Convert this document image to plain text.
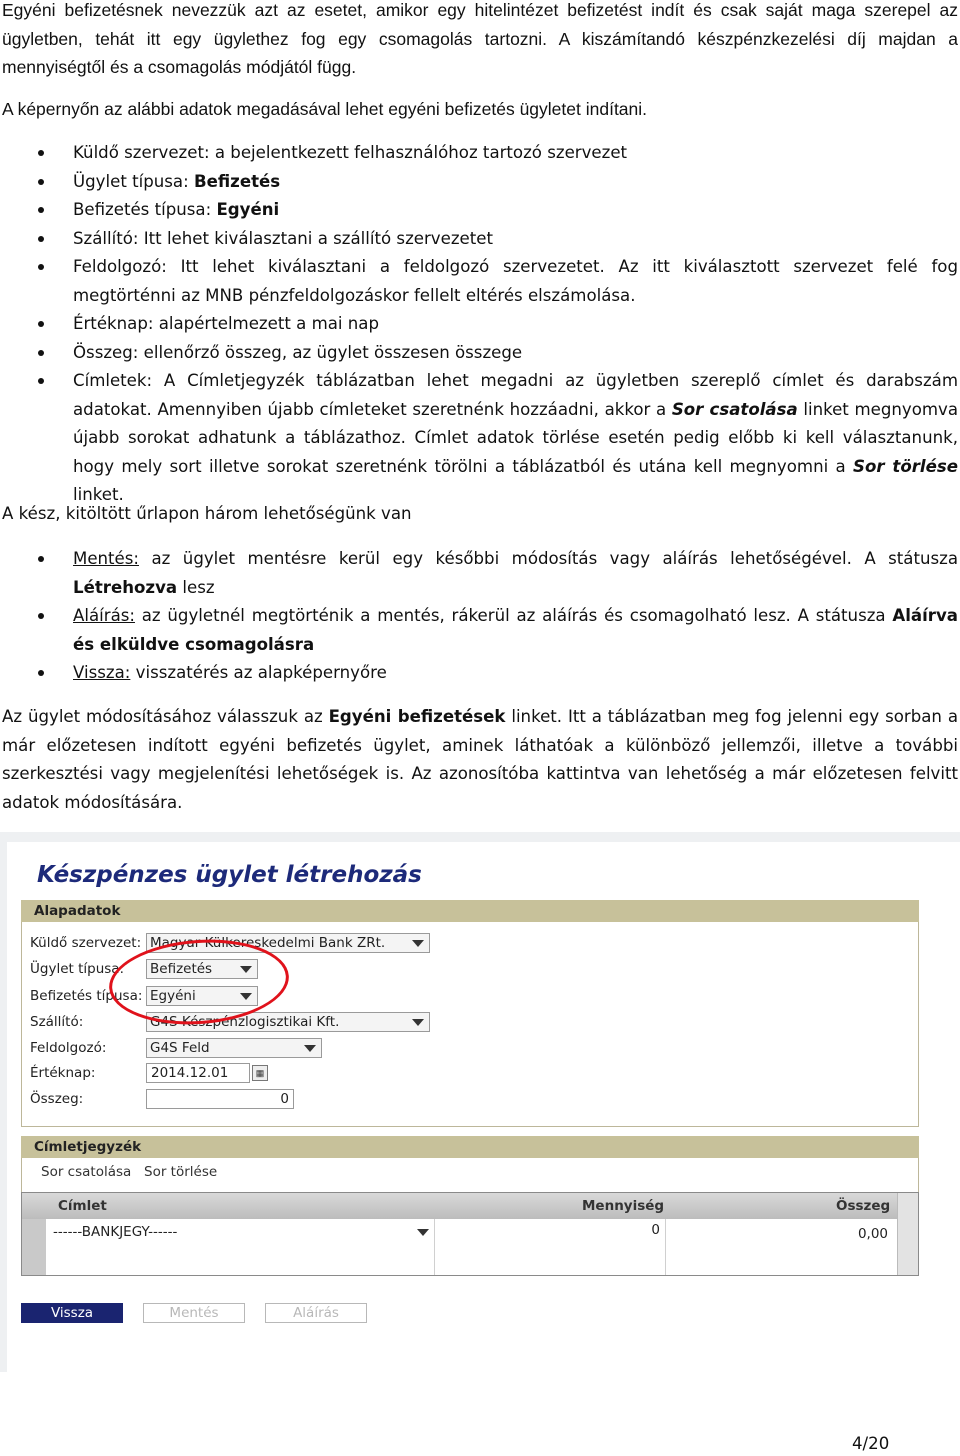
Egyéni befizetésnek nevezzük azt az esetet, amikor egy hitelintézet befizetést indít és csak saját maga szerepel az ügyletben, tehát itt egy ügylethez fog egy csomagolás tartozni. A kiszámítandó készpénzkezelési díj majdan a mennyiségtől és a csomagolás módjától függ.

A képernyőn az alábbi adatok megadásával lehet egyéni befizetés ügyletet indítani.

Küldő szervezet: a bejelentkezett felhasználóhoz tartozó szervezet
Ügylet típusa: Befizetés
Befizetés típusa: Egyéni
Szállító: Itt lehet kiválasztani a szállító szervezetet
Feldolgozó: Itt lehet kiválasztani a feldolgozó szervezetet. Az itt kiválasztott szervezet felé fog megtörténni az MNB pénzfeldolgozáskor fellelt eltérés elszámolása.
Értéknap: alapértelmezett a mai nap
Összeg: ellenőrző összeg, az ügylet összesen összege
Címletek: A Címletjegyzék táblázatban lehet megadni az ügyletben szereplő címlet és darabszám adatokat. Amennyiben újabb címleteket szeretnénk hozzáadni, akkor a Sor csatolása linket megnyomva újabb sorokat adhatunk a táblázathoz. Címlet adatok törlése esetén pedig előbb ki kell választanunk, hogy mely sort illetve sorokat szeretnénk törölni a táblázatból és utána kell megnyomni a Sor törlése linket.

A kész, kitöltött űrlapon három lehetőségünk van

Mentés: az ügylet mentésre kerül egy későbbi módosítás vagy aláírás lehetőségével. A státusza Létrehozva lesz
Aláírás: az ügyletnél megtörténik a mentés, rákerül az aláírás és csomagolható lesz. A státusza Aláírva és elküldve csomagolásra
Vissza: visszatérés az alapképernyőre

Az ügylet módosításához válasszuk az Egyéni befizetések linket. Itt a táblázatban meg fog jelenni egy sorban a már előzetesen indított egyéni befizetés ügylet, aminek láthatóak a különböző jellemzői, illetve a további szerkesztési vagy megjelenítési lehetőségek is. Az azonosítóba kattintva van lehetőség a már előzetesen felvitt adatok módosítására.

Készpénzes ügylet létrehozás
Alapadatok
Küldő szervezet: Magyar Külkereskedelmi Bank ZRt.
Ügylet típusa: Befizetés
Befizetés típusa: Egyéni
Szállító:	G4S Készpénzlogisztikai Kft.
Feldolgozó:	G4S Feld
Értéknap:	2014.12.01	▦
Összeg:	0
Címletjegyzék
Sor csatolása Sor törlése
Címlet	Mennyiség	Összeg
------BANKJEGY------	0	0,00
Vissza	Mentés	Aláírás
4/20
